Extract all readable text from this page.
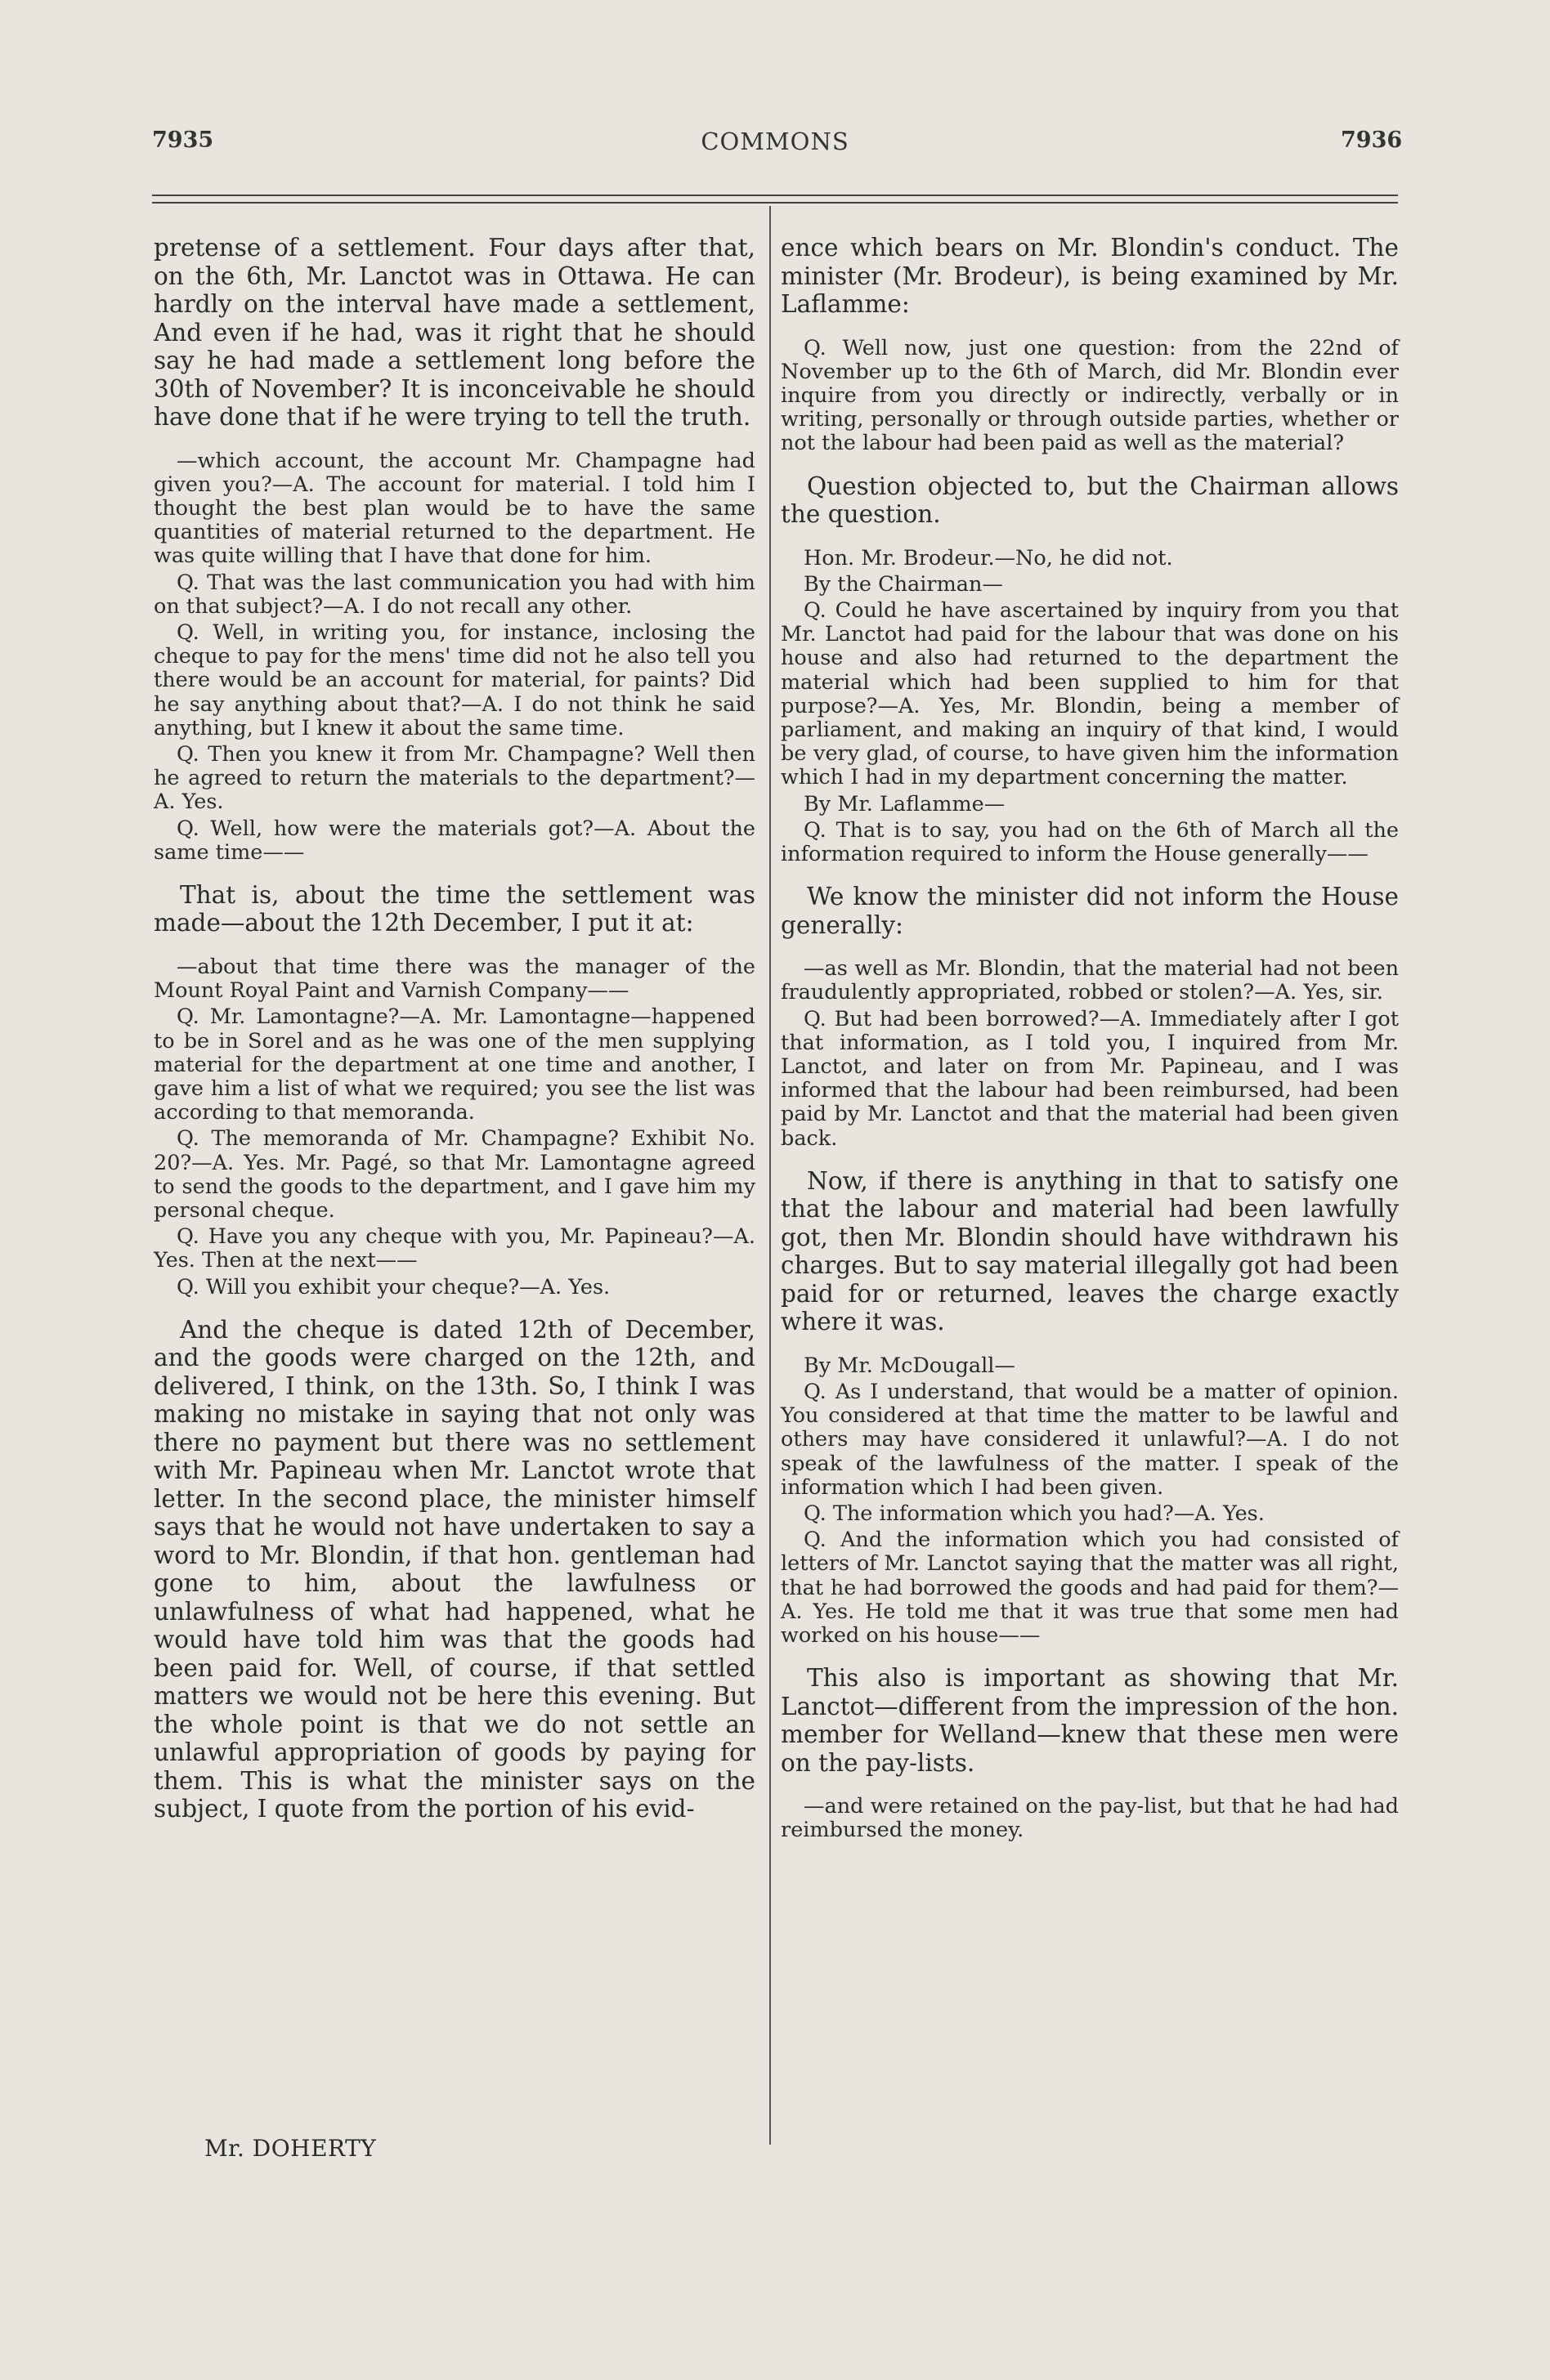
7935	COMMONS	7936

pretense of a settlement. Four days after that, on the 6th, Mr. Lanctot was in Ottawa. He can hardly on the interval have made a settlement, And even if he had, was it right that he should say he had made a settlement long before the 30th of November? It is inconceivable he should have done that if he were trying to tell the truth.

—which account, the account Mr. Champagne had given you?—A. The account for material. I told him I thought the best plan would be to have the same quantities of material returned to the department. He was quite willing that I have that done for him.

Q. That was the last communication you had with him on that subject?—A. I do not recall any other.

Q. Well, in writing you, for instance, inclosing the cheque to pay for the mens' time did not he also tell you there would be an account for material, for paints? Did he say anything about that?—A. I do not think he said anything, but I knew it about the same time.

Q. Then you knew it from Mr. Champagne? Well then he agreed to return the materials to the department?—A. Yes.

Q. Well, how were the materials got?—A. About the same time——

That is, about the time the settlement was made—about the 12th December, I put it at:

—about that time there was the manager of the Mount Royal Paint and Varnish Company——

Q. Mr. Lamontagne?—A. Mr. Lamontagne—happened to be in Sorel and as he was one of the men supplying material for the department at one time and another, I gave him a list of what we required; you see the list was according to that memoranda.

Q. The memoranda of Mr. Champagne? Exhibit No. 20?—A. Yes. Mr. Pagé, so that Mr. Lamontagne agreed to send the goods to the department, and I gave him my personal cheque.

Q. Have you any cheque with you, Mr. Papineau?—A. Yes. Then at the next——

Q. Will you exhibit your cheque?—A. Yes.

And the cheque is dated 12th of December, and the goods were charged on the 12th, and delivered, I think, on the 13th. So, I think I was making no mistake in saying that not only was there no payment but there was no settlement with Mr. Papineau when Mr. Lanctot wrote that letter. In the second place, the minister himself says that he would not have undertaken to say a word to Mr. Blondin, if that hon. gentleman had gone to him, about the lawfulness or unlawfulness of what had happened, what he would have told him was that the goods had been paid for. Well, of course, if that settled matters we would not be here this evening. But the whole point is that we do not settle an unlawful appropriation of goods by paying for them. This is what the minister says on the subject, I quote from the portion of his evid-

ence which bears on Mr. Blondin's conduct. The minister (Mr. Brodeur), is being examined by Mr. Laflamme:

Q. Well now, just one question: from the 22nd of November up to the 6th of March, did Mr. Blondin ever inquire from you directly or indirectly, verbally or in writing, personally or through outside parties, whether or not the labour had been paid as well as the material?

Question objected to, but the Chairman allows the question.

Hon. Mr. Brodeur.—No, he did not.

By the Chairman—

Q. Could he have ascertained by inquiry from you that Mr. Lanctot had paid for the labour that was done on his house and also had returned to the department the material which had been supplied to him for that purpose?—A. Yes, Mr. Blondin, being a member of parliament, and making an inquiry of that kind, I would be very glad, of course, to have given him the information which I had in my department concerning the matter.

By Mr. Laflamme—

Q. That is to say, you had on the 6th of March all the information required to inform the House generally——

We know the minister did not inform the House generally:

—as well as Mr. Blondin, that the material had not been fraudulently appropriated, robbed or stolen?—A. Yes, sir.

Q. But had been borrowed?—A. Immediately after I got that information, as I told you, I inquired from Mr. Lanctot, and later on from Mr. Papineau, and I was informed that the labour had been reimbursed, had been paid by Mr. Lanctot and that the material had been given back.

Now, if there is anything in that to satisfy one that the labour and material had been lawfully got, then Mr. Blondin should have withdrawn his charges. But to say material illegally got had been paid for or returned, leaves the charge exactly where it was.

By Mr. McDougall—

Q. As I understand, that would be a matter of opinion. You considered at that time the matter to be lawful and others may have considered it unlawful?—A. I do not speak of the lawfulness of the matter. I speak of the information which I had been given.

Q. The information which you had?—A. Yes.

Q. And the information which you had consisted of letters of Mr. Lanctot saying that the matter was all right, that he had borrowed the goods and had paid for them?—A. Yes. He told me that it was true that some men had worked on his house——

This also is important as showing that Mr. Lanctot—different from the impression of the hon. member for Welland—knew that these men were on the pay-lists.

—and were retained on the pay-list, but that he had had reimbursed the money.

Mr. DOHERTY
